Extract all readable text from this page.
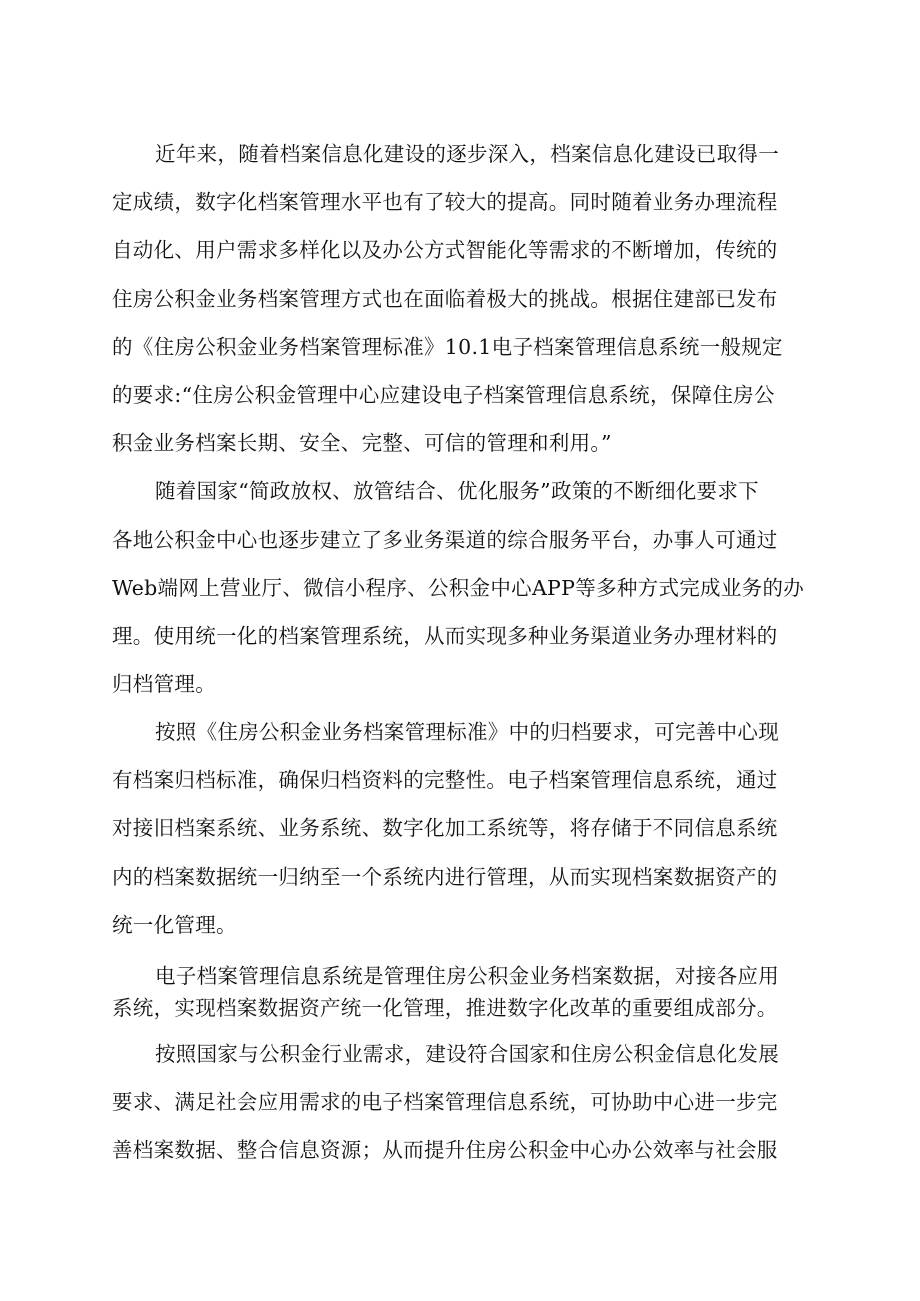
近年来，随着档案信息化建设的逐步深入，档案信息化建设已取得一
定成绩，数字化档案管理水平也有了较大的提高。同时随着业务办理流程
自动化、用户需求多样化以及办公方式智能化等需求的不断增加，传统的
住房公积金业务档案管理方式也在面临着极大的挑战。根据住建部已发布
的《住房公积金业务档案管理标准》10.1电子档案管理信息系统一般规定
的要求:“住房公积金管理中心应建设电子档案管理信息系统，保障住房公
积金业务档案长期、安全、完整、可信的管理和利用。”
随着国家“简政放权、放管结合、优化服务”政策的不断细化要求下
各地公积金中心也逐步建立了多业务渠道的综合服务平台，办事人可通过
Web端网上营业厅、微信小程序、公积金中心APP等多种方式完成业务的办
理。使用统一化的档案管理系统，从而实现多种业务渠道业务办理材料的
归档管理。
按照《住房公积金业务档案管理标准》中的归档要求，可完善中心现
有档案归档标准，确保归档资料的完整性。电子档案管理信息系统，通过
对接旧档案系统、业务系统、数字化加工系统等，将存储于不同信息系统
内的档案数据统一归纳至一个系统内进行管理，从而实现档案数据资产的
统一化管理。
电子档案管理信息系统是管理住房公积金业务档案数据，对接各应用
系统，实现档案数据资产统一化管理，推进数字化改革的重要组成部分。
按照国家与公积金行业需求，建设符合国家和住房公积金信息化发展
要求、满足社会应用需求的电子档案管理信息系统，可协助中心进一步完
善档案数据、整合信息资源；从而提升住房公积金中心办公效率与社会服
